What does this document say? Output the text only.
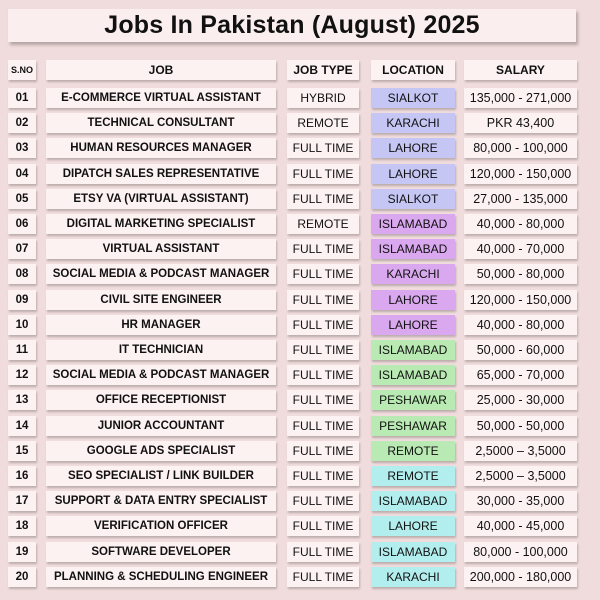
Jobs In Pakistan (August) 2025
S.NO	JOB	JOB TYPE	LOCATION	SALARY
01	E-COMMERCE VIRTUAL ASSISTANT	HYBRID	SIALKOT	135,000 - 271,000
02	TECHNICAL CONSULTANT	REMOTE	KARACHI	PKR 43,400
03	HUMAN RESOURCES MANAGER	FULL TIME	LAHORE	80,000 - 100,000
04	DIPATCH SALES REPRESENTATIVE	FULL TIME	LAHORE	120,000 - 150,000
05	ETSY VA (VIRTUAL ASSISTANT)	FULL TIME	SIALKOT	27,000 - 135,000
06	DIGITAL MARKETING SPECIALIST	REMOTE	ISLAMABAD	40,000 - 80,000
07	VIRTUAL ASSISTANT	FULL TIME	ISLAMABAD	40,000 - 70,000
08	SOCIAL MEDIA & PODCAST MANAGER	FULL TIME	KARACHI	50,000 - 80,000
09	CIVIL SITE ENGINEER	FULL TIME	LAHORE	120,000 - 150,000
10	HR MANAGER	FULL TIME	LAHORE	40,000 - 80,000
11	IT TECHNICIAN	FULL TIME	ISLAMABAD	50,000 - 60,000
12	SOCIAL MEDIA & PODCAST MANAGER	FULL TIME	ISLAMABAD	65,000 - 70,000
13	OFFICE RECEPTIONIST	FULL TIME	PESHAWAR	25,000 - 30,000
14	JUNIOR ACCOUNTANT	FULL TIME	PESHAWAR	50,000 - 50,000
15	GOOGLE ADS SPECIALIST	FULL TIME	REMOTE	2,5000 – 3,5000
16	SEO SPECIALIST / LINK BUILDER	FULL TIME	REMOTE	2,5000 – 3,5000
17	SUPPORT & DATA ENTRY SPECIALIST	FULL TIME	ISLAMABAD	30,000 - 35,000
18	VERIFICATION OFFICER	FULL TIME	LAHORE	40,000 - 45,000
19	SOFTWARE DEVELOPER	FULL TIME	ISLAMABAD	80,000 - 100,000
20	PLANNING & SCHEDULING ENGINEER	FULL TIME	KARACHI	200,000 - 180,000
